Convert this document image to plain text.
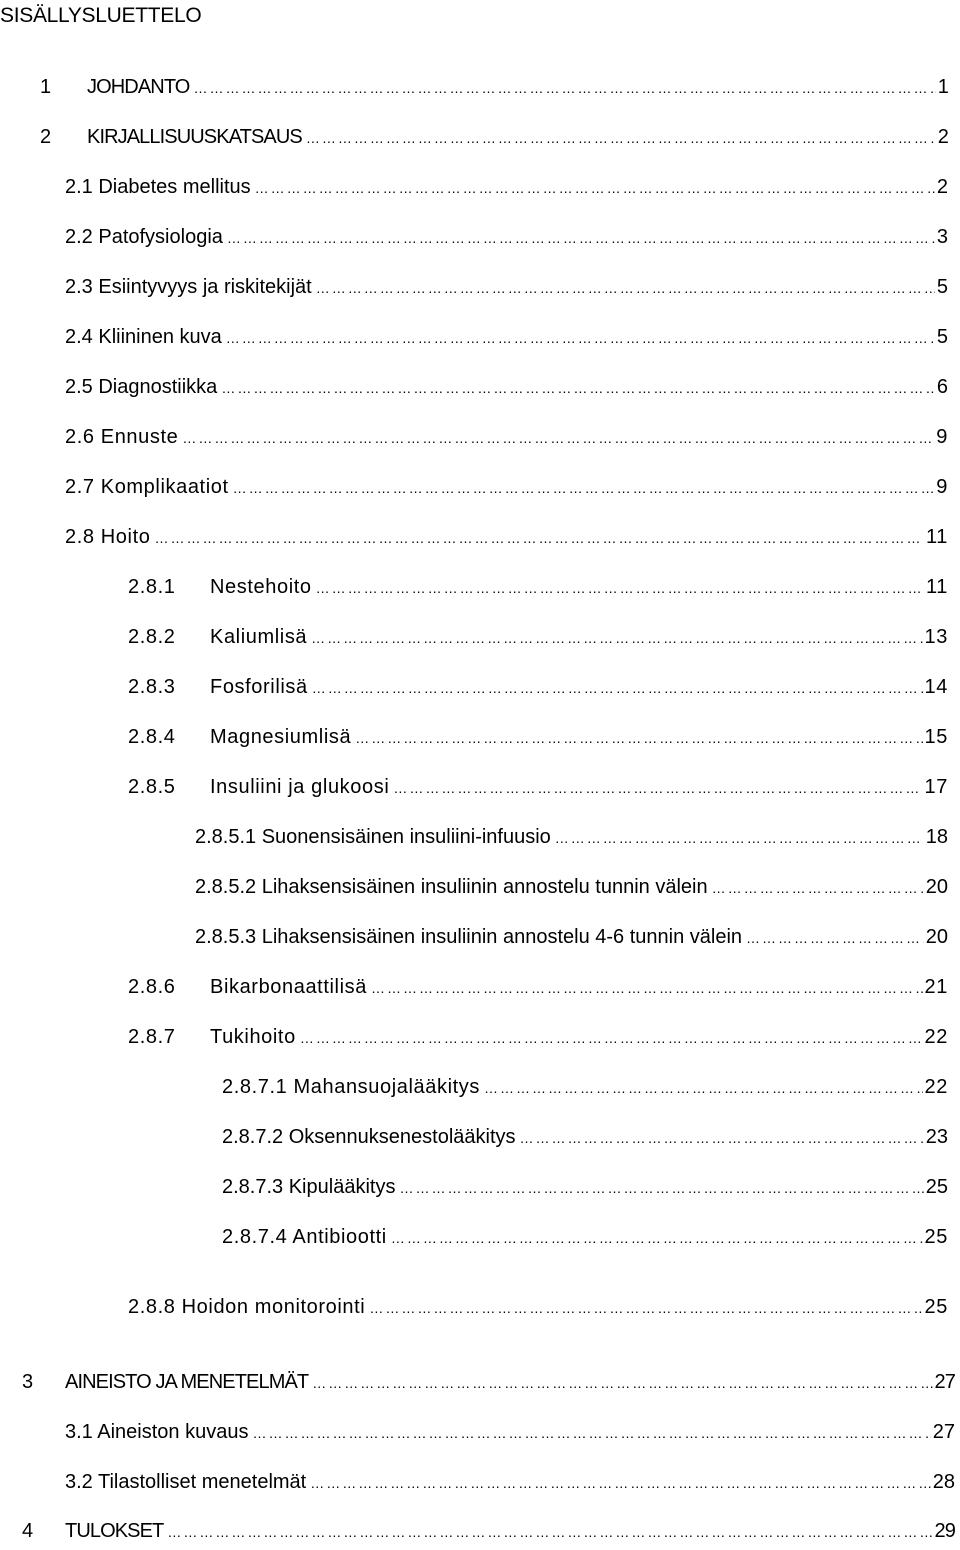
SISÄLLYSLUETTELO
1	JOHDANTO ………………………………………………………………………………………………………………………………………………………………………………………………………………………………	1
2	KIRJALLISUUSKATSAUS ………………………………………………………………………………………………………………………………………………………………………………………………………………………………	2
2.1 Diabetes mellitus ………………………………………………………………………………………………………………………………………………………………………………………………………………………………	2
2.2 Patofysiologia ………………………………………………………………………………………………………………………………………………………………………………………………………………………………	3
2.3 Esiintyvyys ja riskitekijät ………………………………………………………………………………………………………………………………………………………………………………………………………………………………	5
2.4 Kliininen kuva ………………………………………………………………………………………………………………………………………………………………………………………………………………………………	5
2.5 Diagnostiikka ………………………………………………………………………………………………………………………………………………………………………………………………………………………………	6
2.6 Ennuste ………………………………………………………………………………………………………………………………………………………………………………………………………………………………	9
2.7 Komplikaatiot ………………………………………………………………………………………………………………………………………………………………………………………………………………………………	9
2.8 Hoito ………………………………………………………………………………………………………………………………………………………………………………………………………………………………	11
2.8.1	Nestehoito ………………………………………………………………………………………………………………………………………………………………………………………………………………………………	11
2.8.2	Kaliumlisä ………………………………………………………………………………………………………………………………………………………………………………………………………………………………	13
2.8.3	Fosforilisä ………………………………………………………………………………………………………………………………………………………………………………………………………………………………	14
2.8.4	Magnesiumlisä ………………………………………………………………………………………………………………………………………………………………………………………………………………………………	15
2.8.5	Insuliini ja glukoosi ………………………………………………………………………………………………………………………………………………………………………………………………………………………………	17
2.8.5.1 Suonensisäinen insuliini-infuusio ………………………………………………………………………………………………………………………………………………………………………………………………………………………………	18
2.8.5.2 Lihaksensisäinen insuliinin annostelu tunnin välein ………………………………………………………………………………………………………………………………………………………………………………………………………………………………	20
2.8.5.3 Lihaksensisäinen insuliinin annostelu 4-6 tunnin välein ………………………………………………………………………………………………………………………………………………………………………………………………………………………………	20
2.8.6	Bikarbonaattilisä ………………………………………………………………………………………………………………………………………………………………………………………………………………………………	21
2.8.7	Tukihoito ………………………………………………………………………………………………………………………………………………………………………………………………………………………………	22
2.8.7.1 Mahansuojalääkitys ………………………………………………………………………………………………………………………………………………………………………………………………………………………………	22
2.8.7.2 Oksennuksenestolääkitys ………………………………………………………………………………………………………………………………………………………………………………………………………………………………	23
2.8.7.3 Kipulääkitys ………………………………………………………………………………………………………………………………………………………………………………………………………………………………	25
2.8.7.4 Antibiootti ………………………………………………………………………………………………………………………………………………………………………………………………………………………………	25
2.8.8 Hoidon monitorointi ………………………………………………………………………………………………………………………………………………………………………………………………………………………………	25
3	AINEISTO JA MENETELMÄT ………………………………………………………………………………………………………………………………………………………………………………………………………………………………	27
3.1 Aineiston kuvaus ………………………………………………………………………………………………………………………………………………………………………………………………………………………………	27
3.2 Tilastolliset menetelmät ………………………………………………………………………………………………………………………………………………………………………………………………………………………………	28
4	TULOKSET ………………………………………………………………………………………………………………………………………………………………………………………………………………………………	29
